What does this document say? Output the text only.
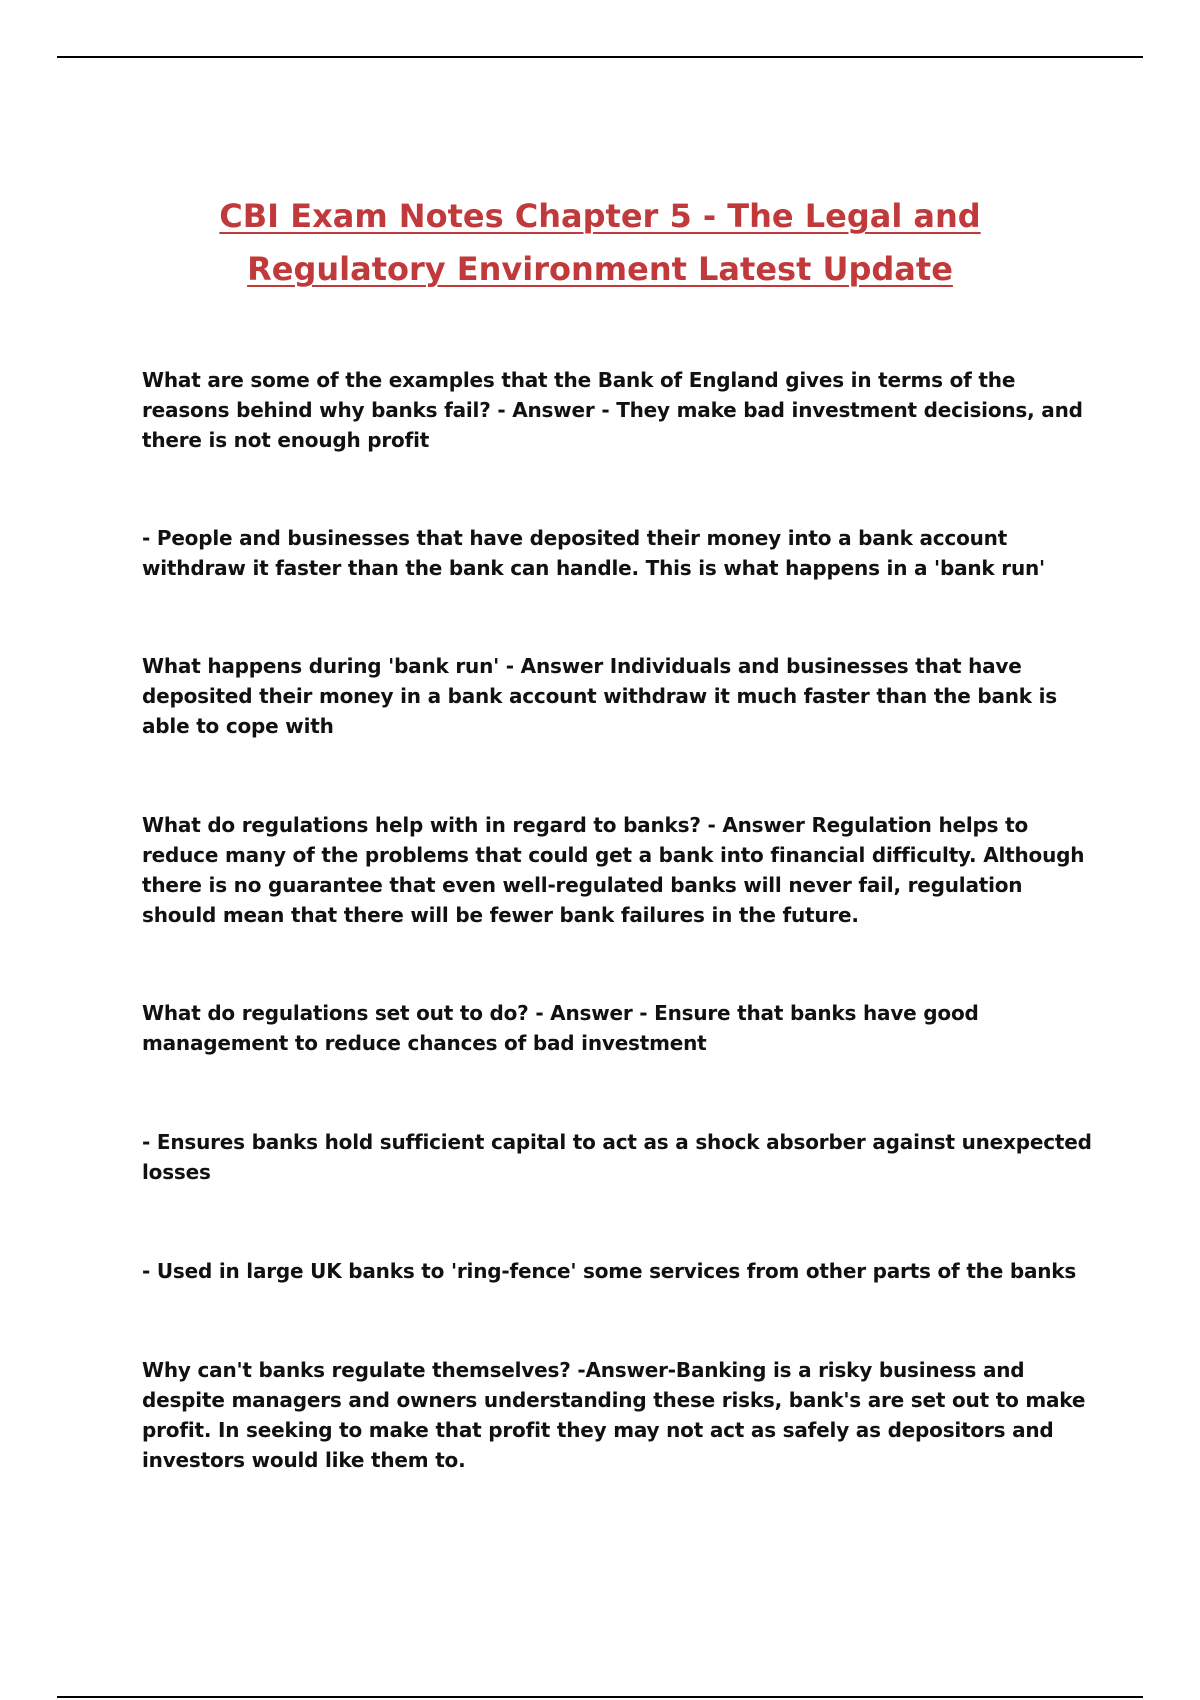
CBI Exam Notes Chapter 5 - The Legal and
Regulatory Environment Latest Update

What are some of the examples that the Bank of England gives in terms of the reasons behind why banks fail? - Answer - They make bad investment decisions, and there is not enough profit

- People and businesses that have deposited their money into a bank account withdraw it faster than the bank can handle. This is what happens in a 'bank run'

What happens during 'bank run' - Answer Individuals and businesses that have deposited their money in a bank account withdraw it much faster than the bank is able to cope with

What do regulations help with in regard to banks? - Answer Regulation helps to reduce many of the problems that could get a bank into financial difficulty. Although there is no guarantee that even well-regulated banks will never fail, regulation should mean that there will be fewer bank failures in the future.

What do regulations set out to do? - Answer - Ensure that banks have good management to reduce chances of bad investment

- Ensures banks hold sufficient capital to act as a shock absorber against unexpected losses

- Used in large UK banks to 'ring-fence' some services from other parts of the banks

Why can't banks regulate themselves? -Answer-Banking is a risky business and despite managers and owners understanding these risks, bank's are set out to make profit. In seeking to make that profit they may not act as safely as depositors and investors would like them to.
